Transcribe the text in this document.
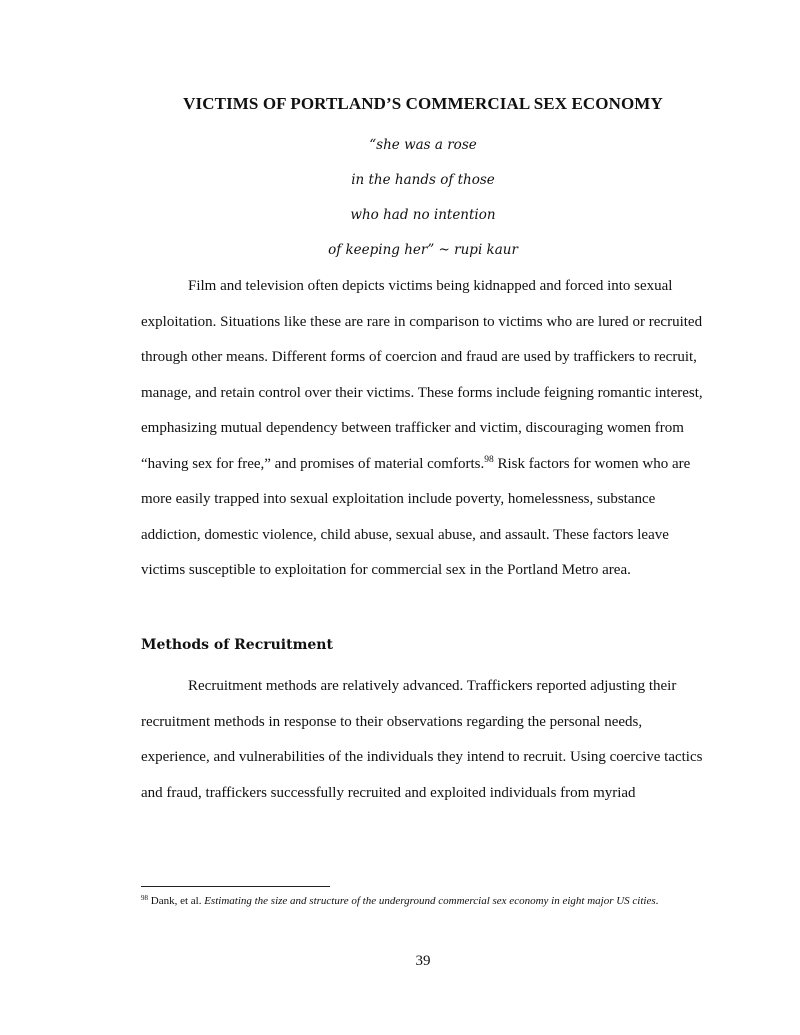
VICTIMS OF PORTLAND’S COMMERCIAL SEX ECONOMY
“she was a rose
in the hands of those
who had no intention
of keeping her” ~ rupi kaur

Film and television often depicts victims being kidnapped and forced into sexual exploitation. Situations like these are rare in comparison to victims who are lured or recruited through other means. Different forms of coercion and fraud are used by traffickers to recruit, manage, and retain control over their victims. These forms include feigning romantic interest, emphasizing mutual dependency between trafficker and victim, discouraging women from “having sex for free,” and promises of material comforts.$^{98}$ Risk factors for women who are more easily trapped into sexual exploitation include poverty, homelessness, substance addiction, domestic violence, child abuse, sexual abuse, and assault. These factors leave victims susceptible to exploitation for commercial sex in the Portland Metro area.

Methods of Recruitment

Recruitment methods are relatively advanced. Traffickers reported adjusting their recruitment methods in response to their observations regarding the personal needs, experience, and vulnerabilities of the individuals they intend to recruit. Using coercive tactics and fraud, traffickers successfully recruited and exploited individuals from myriad

$^{98}$ Dank, et al. Estimating the size and structure of the underground commercial sex economy in eight major US cities.

39
